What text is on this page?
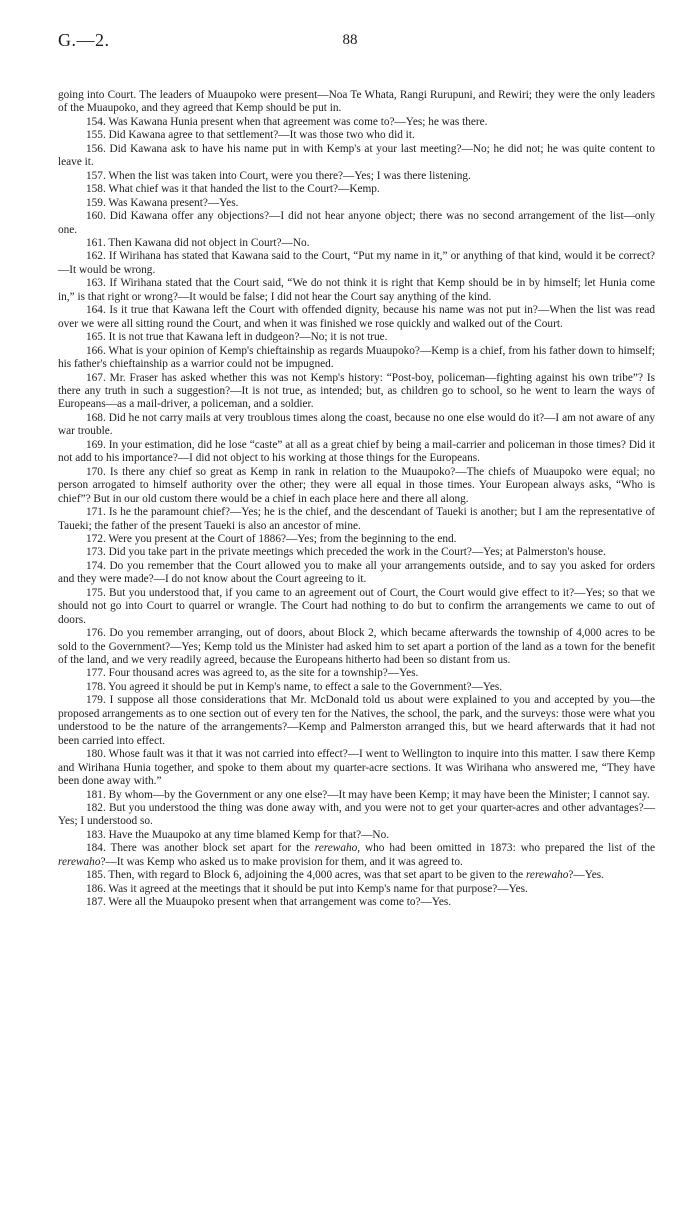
G.—2.	88

going into Court. The leaders of Muaupoko were present—Noa Te Whata, Rangi Rurupuni, and Rewiri; they were the only leaders of the Muaupoko, and they agreed that Kemp should be put in.

154. Was Kawana Hunia present when that agreement was come to?—Yes; he was there.

155. Did Kawana agree to that settlement?—It was those two who did it.

156. Did Kawana ask to have his name put in with Kemp's at your last meeting?—No; he did not; he was quite content to leave it.

157. When the list was taken into Court, were you there?—Yes; I was there listening.

158. What chief was it that handed the list to the Court?—Kemp.

159. Was Kawana present?—Yes.

160. Did Kawana offer any objections?—I did not hear anyone object; there was no second arrangement of the list—only one.

161. Then Kawana did not object in Court?—No.

162. If Wirihana has stated that Kawana said to the Court, “Put my name in it,” or anything of that kind, would it be correct?—It would be wrong.

163. If Wirihana stated that the Court said, “We do not think it is right that Kemp should be in by himself; let Hunia come in,” is that right or wrong?—It would be false; I did not hear the Court say anything of the kind.

164. Is it true that Kawana left the Court with offended dignity, because his name was not put in?—When the list was read over we were all sitting round the Court, and when it was finished we rose quickly and walked out of the Court.

165. It is not true that Kawana left in dudgeon?—No; it is not true.

166. What is your opinion of Kemp's chieftainship as regards Muaupoko?—Kemp is a chief, from his father down to himself; his father's chieftainship as a warrior could not be impugned.

167. Mr. Fraser has asked whether this was not Kemp's history: “Post-boy, policeman—fighting against his own tribe”? Is there any truth in such a suggestion?—It is not true, as intended; but, as children go to school, so he went to learn the ways of Europeans—as a mail-driver, a policeman, and a soldier.

168. Did he not carry mails at very troublous times along the coast, because no one else would do it?—I am not aware of any war trouble.

169. In your estimation, did he lose “caste” at all as a great chief by being a mail-carrier and policeman in those times? Did it not add to his importance?—I did not object to his working at those things for the Europeans.

170. Is there any chief so great as Kemp in rank in relation to the Muaupoko?—The chiefs of Muaupoko were equal; no person arrogated to himself authority over the other; they were all equal in those times. Your European always asks, “Who is chief”? But in our old custom there would be a chief in each place here and there all along.

171. Is he the paramount chief?—Yes; he is the chief, and the descendant of Taueki is another; but I am the representative of Taueki; the father of the present Taueki is also an ancestor of mine.

172. Were you present at the Court of 1886?—Yes; from the beginning to the end.

173. Did you take part in the private meetings which preceded the work in the Court?—Yes; at Palmerston's house.

174. Do you remember that the Court allowed you to make all your arrangements outside, and to say you asked for orders and they were made?—I do not know about the Court agreeing to it.

175. But you understood that, if you came to an agreement out of Court, the Court would give effect to it?—Yes; so that we should not go into Court to quarrel or wrangle. The Court had nothing to do but to confirm the arrangements we came to out of doors.

176. Do you remember arranging, out of doors, about Block 2, which became afterwards the township of 4,000 acres to be sold to the Government?—Yes; Kemp told us the Minister had asked him to set apart a portion of the land as a town for the benefit of the land, and we very readily agreed, because the Europeans hitherto had been so distant from us.

177. Four thousand acres was agreed to, as the site for a township?—Yes.

178. You agreed it should be put in Kemp's name, to effect a sale to the Government?—Yes.

179. I suppose all those considerations that Mr. McDonald told us about were explained to you and accepted by you—the proposed arrangements as to one section out of every ten for the Natives, the school, the park, and the surveys: those were what you understood to be the nature of the arrangements?—Kemp and Palmerston arranged this, but we heard afterwards that it had not been carried into effect.

180. Whose fault was it that it was not carried into effect?—I went to Wellington to inquire into this matter. I saw there Kemp and Wirihana Hunia together, and spoke to them about my quarter-acre sections. It was Wirihana who answered me, “They have been done away with.”

181. By whom—by the Government or any one else?—It may have been Kemp; it may have been the Minister; I cannot say.

182. But you understood the thing was done away with, and you were not to get your quarter-acres and other advantages?—Yes; I understood so.

183. Have the Muaupoko at any time blamed Kemp for that?—No.

184. There was another block set apart for the rerewaho, who had been omitted in 1873: who prepared the list of the rerewaho?—It was Kemp who asked us to make provision for them, and it was agreed to.

185. Then, with regard to Block 6, adjoining the 4,000 acres, was that set apart to be given to the rerewaho?—Yes.

186. Was it agreed at the meetings that it should be put into Kemp's name for that purpose?—Yes.

187. Were all the Muaupoko present when that arrangement was come to?—Yes.
